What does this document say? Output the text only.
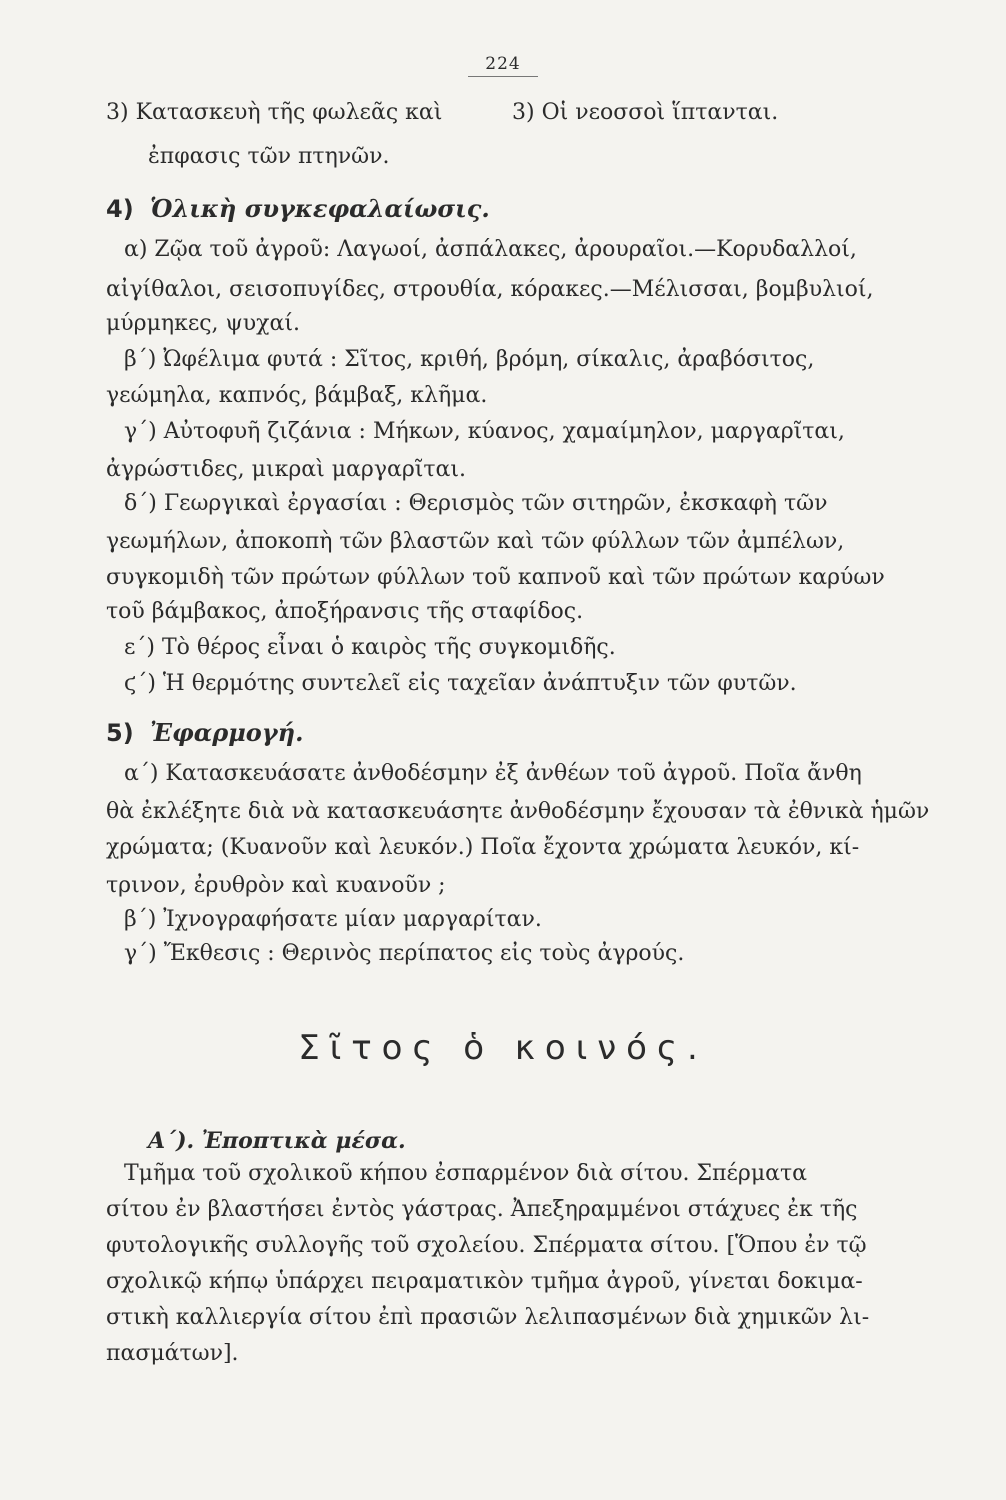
224
3) Κατασκευὴ τῆς φωλεᾶς καὶ	3) Οἱ νεοσσοὶ ἵπτανται.
ἐπφασις τῶν πτηνῶν.
4) Ὁλικὴ συγκεφαλαίωσις.
α) Ζῷα τοῦ ἀγροῦ: Λαγωοί, ἀσπάλακες, ἀρουραῖοι.—Κορυδαλλοί,
αἰγίθαλοι, σεισοπυγίδες, στρουθία, κόρακες.—Μέλισσαι, βομβυλιοί,
μύρμηκες, ψυχαί.
β΄) Ὠφέλιμα φυτά : Σῖτος, κριθή, βρόμη, σίκαλις, ἀραβόσιτος,
γεώμηλα, καπνός, βάμβαξ, κλῆμα.
γ΄) Αὐτοφυῆ ζιζάνια : Μήκων, κύανος, χαμαίμηλον, μαργαρῖται,
ἀγρώστιδες, μικραὶ μαργαρῖται.
δ΄) Γεωργικαὶ ἐργασίαι : Θερισμὸς τῶν σιτηρῶν, ἐκσκαφὴ τῶν
γεωμήλων, ἀποκοπὴ τῶν βλαστῶν καὶ τῶν φύλλων τῶν ἀμπέλων,
συγκομιδὴ τῶν πρώτων φύλλων τοῦ καπνοῦ καὶ τῶν πρώτων καρύων
τοῦ βάμβακος, ἀποξήρανσις τῆς σταφίδος.
ε΄) Τὸ θέρος εἶναι ὁ καιρὸς τῆς συγκομιδῆς.
ϛ΄) Ἡ θερμότης συντελεῖ εἰς ταχεῖαν ἀνάπτυξιν τῶν φυτῶν.
5) Ἐφαρμογή.
α΄) Κατασκευάσατε ἀνθοδέσμην ἐξ ἀνθέων τοῦ ἀγροῦ. Ποῖα ἄνθη
θὰ ἐκλέξητε διὰ νὰ κατασκευάσητε ἀνθοδέσμην ἔχουσαν τὰ ἐθνικὰ ἡμῶν
χρώματα; (Κυανοῦν καὶ λευκόν.) Ποῖα ἔχοντα χρώματα λευκόν, κί-
τρινον, ἐρυθρὸν καὶ κυανοῦν ;
β΄) Ἰχνογραφήσατε μίαν μαργαρίταν.
γ΄) Ἔκθεσις : Θερινὸς περίπατος εἰς τοὺς ἀγρούς.
Σῖτος ὁ κοινός.
Α΄). Ἐποπτικὰ μέσα.
Τμῆμα τοῦ σχολικοῦ κήπου ἐσπαρμένον διὰ σίτου. Σπέρματα
σίτου ἐν βλαστήσει ἐντὸς γάστρας. Ἀπεξηραμμένοι στάχυες ἐκ τῆς
φυτολογικῆς συλλογῆς τοῦ σχολείου. Σπέρματα σίτου. [Ὅπου ἐν τῷ
σχολικῷ κήπῳ ὑπάρχει πειραματικὸν τμῆμα ἀγροῦ, γίνεται δοκιμα-
στικὴ καλλιεργία σίτου ἐπὶ πρασιῶν λελιπασμένων διὰ χημικῶν λι-
πασμάτων].
